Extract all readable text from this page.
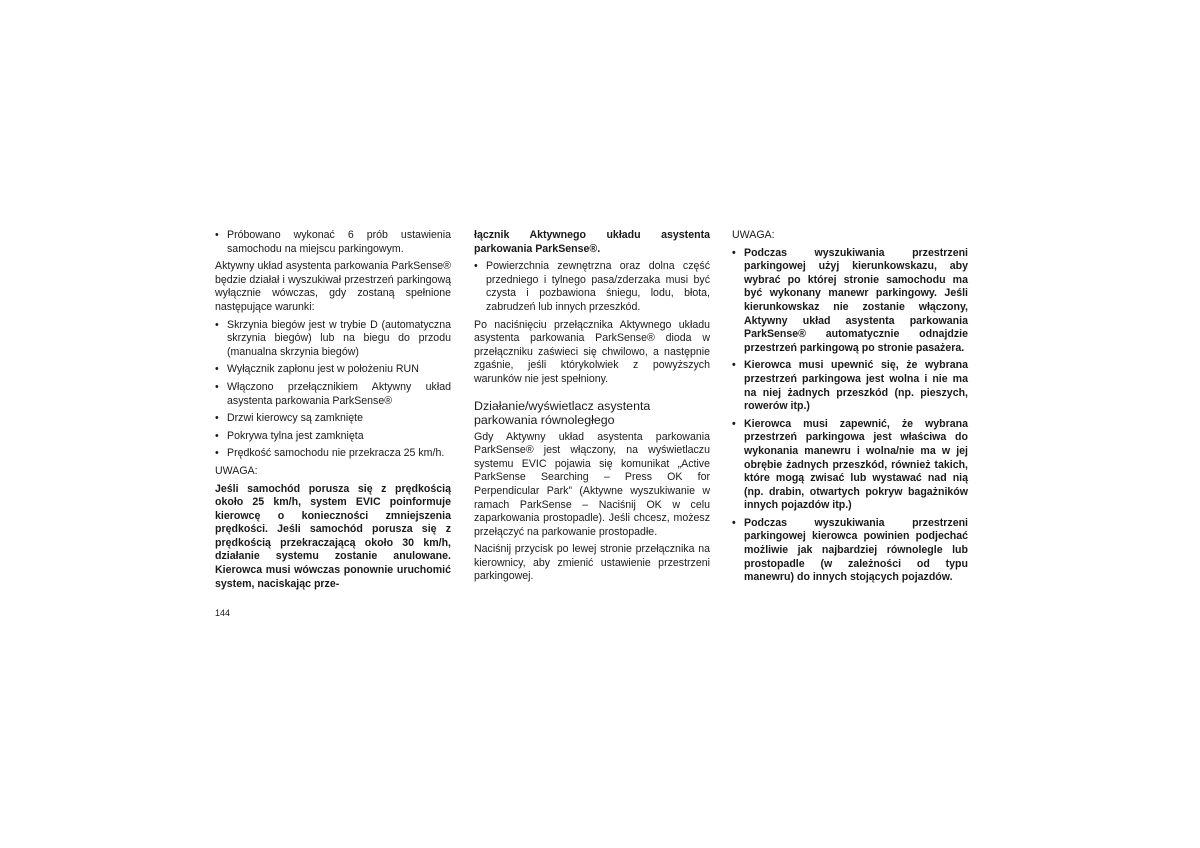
• Próbowano wykonać 6 prób ustawienia samochodu na miejscu parkingowym.

Aktywny układ asystenta parkowania ParkSense® będzie działał i wyszukiwał przestrzeń parkingową wyłącznie wówczas, gdy zostaną spełnione następujące warunki:

• Skrzynia biegów jest w trybie D (automatyczna skrzynia biegów) lub na biegu do przodu (manualna skrzynia biegów)
• Wyłącznik zapłonu jest w położeniu RUN
• Włączono przełącznikiem Aktywny układ asystenta parkowania ParkSense®
• Drzwi kierowcy są zamknięte
• Pokrywa tylna jest zamknięta
• Prędkość samochodu nie przekracza 25 km/h.

UWAGA:

Jeśli samochód porusza się z prędkością około 25 km/h, system EVIC poinformuje kierowcę o konieczności zmniejszenia prędkości. Jeśli samochód porusza się z prędkością przekraczającą około 30 km/h, działanie systemu zostanie anulowane. Kierowca musi wówczas ponownie uruchomić system, naciskając prze-

łącznik Aktywnego układu asystenta parkowania ParkSense®.

• Powierzchnia zewnętrzna oraz dolna część przedniego i tylnego pasa/zderzaka musi być czysta i pozbawiona śniegu, lodu, błota, zabrudzeń lub innych przeszkód.

Po naciśnięciu przełącznika Aktywnego układu asystenta parkowania ParkSense® dioda w przełączniku zaświeci się chwilowo, a następnie zgaśnie, jeśli którykolwiek z powyższych warunków nie jest spełniony.

Działanie/wyświetlacz asystenta parkowania równoległego

Gdy Aktywny układ asystenta parkowania ParkSense® jest włączony, na wyświetlaczu systemu EVIC pojawia się komunikat „Active ParkSense Searching – Press OK for Perpendicular Park” (Aktywne wyszukiwanie w ramach ParkSense – Naciśnij OK w celu zaparkowania prostopadle). Jeśli chcesz, możesz przełączyć na parkowanie prostopadłe.

Naciśnij przycisk po lewej stronie przełącznika na kierownicy, aby zmienić ustawienie przestrzeni parkingowej.

UWAGA:

• Podczas wyszukiwania przestrzeni parkingowej użyj kierunkowskazu, aby wybrać po której stronie samochodu ma być wykonany manewr parkingowy. Jeśli kierunkowskaz nie zostanie włączony, Aktywny układ asystenta parkowania ParkSense® automatycznie odnajdzie przestrzeń parkingową po stronie pasażera.
• Kierowca musi upewnić się, że wybrana przestrzeń parkingowa jest wolna i nie ma na niej żadnych przeszkód (np. pieszych, rowerów itp.)
• Kierowca musi zapewnić, że wybrana przestrzeń parkingowa jest właściwa do wykonania manewru i wolna/nie ma w jej obrębie żadnych przeszkód, również takich, które mogą zwisać lub wystawać nad nią (np. drabin, otwartych pokryw bagażników innych pojazdów itp.)
• Podczas wyszukiwania przestrzeni parkingowej kierowca powinien podjechać możliwie jak najbardziej równolegle lub prostopadle (w zależności od typu manewru) do innych stojących pojazdów.
144
